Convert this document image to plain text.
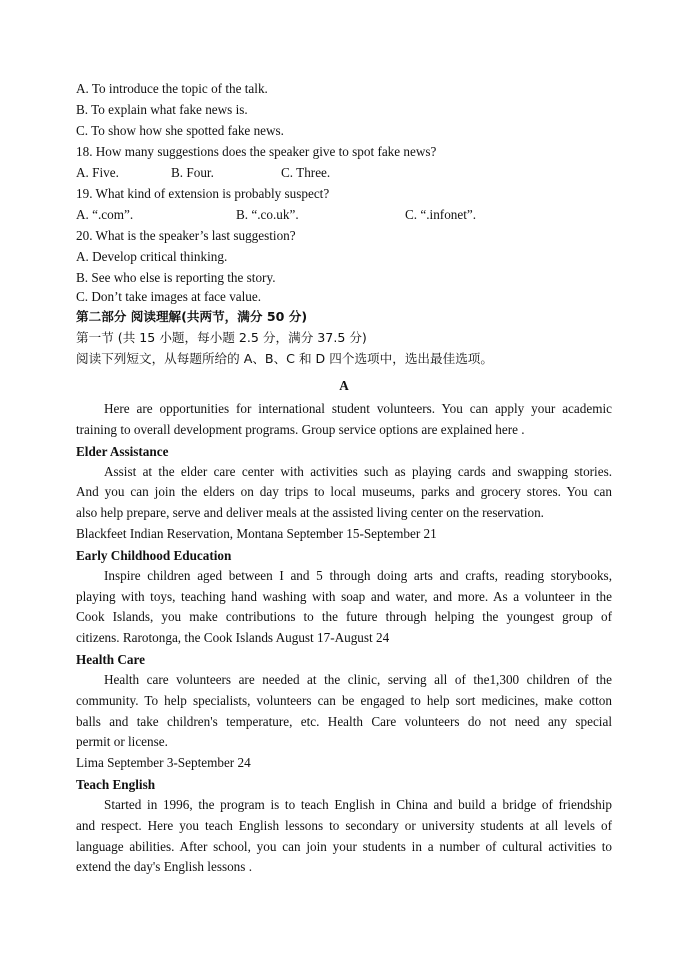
A. To introduce the topic of the talk.
B. To explain what fake news is.
C. To show how she spotted fake news.
18. How many suggestions does the speaker give to spot fake news?
A. Five.	B. Four.	C. Three.
19. What kind of extension is probably suspect?
A. “.com”.	B. “.co.uk”.	C. “.infonet”.
20. What is the speaker’s last suggestion?
A. Develop critical thinking.
B. See who else is reporting the story.
C. Don’t take images at face value.
第二部分 阅读理解(共两节，满分 50 分)
第一节 (共 15 小题，每小题 2.5 分，满分 37.5 分)
阅读下列短文，从每题所给的 A、B、C 和 D 四个选项中，选出最佳选项。
A
Here are opportunities for international student volunteers. You can apply your academic
training to overall development programs. Group service options are explained here .
Elder Assistance
Assist at the elder care center with activities such as playing cards and swapping stories.
And you can join the elders on day trips to local museums, parks and grocery stores. You can
also help prepare, serve and deliver meals at the assisted living center on the reservation.
Blackfeet Indian Reservation, Montana September 15-September 21
Early Childhood Education
Inspire children aged between I and 5 through doing arts and crafts, reading storybooks,
playing with toys, teaching hand washing with soap and water, and more. As a volunteer in the
Cook Islands, you make contributions to the future through helping the youngest group of
citizens. Rarotonga, the Cook Islands August 17-August 24
Health Care
Health care volunteers are needed at the clinic, serving all of the1,300 children of the
community. To help specialists, volunteers can be engaged to help sort medicines, make cotton
balls and take children's temperature, etc. Health Care volunteers do not need any special
permit or license.
Lima September 3-September 24
Teach English
Started in 1996, the program is to teach English in China and build a bridge of friendship
and respect. Here you teach English lessons to secondary or university students at all levels of
language abilities. After school, you can join your students in a number of cultural activities to
extend the day's English lessons .
